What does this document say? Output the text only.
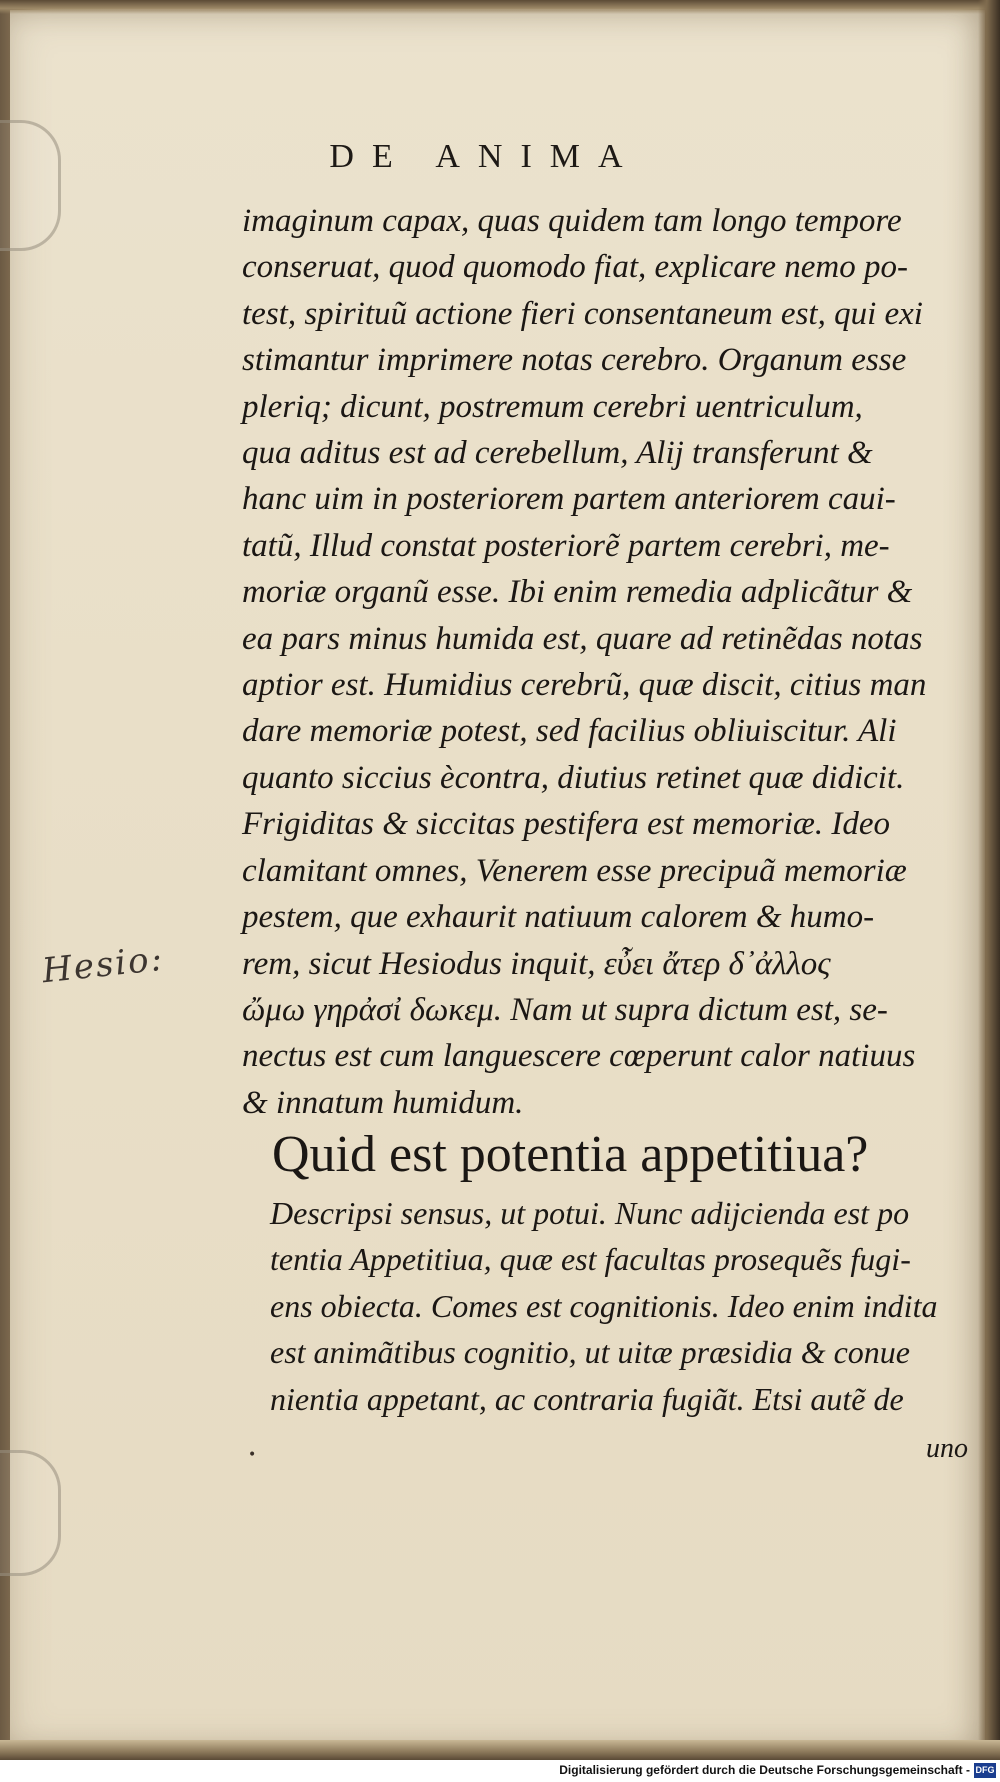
DE ANIMA
imaginum capax, quas quidem tam longo tempore
conseruat, quod quomodo fiat, explicare nemo po-
test, spirituũ actione fieri consentaneum est, qui exi
stimantur imprimere notas cerebro. Organum esse
pleriq; dicunt, postremum cerebri uentriculum,
qua aditus est ad cerebellum, Alij transferunt &
hanc uim in posteriorem partem anteriorem caui-
tatũ, Illud constat posteriorẽ partem cerebri, me-
moriæ organũ esse. Ibi enim remedia adplicãtur &
ea pars minus humida est, quare ad retinẽdas notas
aptior est. Humidius cerebrũ, quæ discit, citius man
dare memoriæ potest, sed facilius obliuiscitur. Ali
quanto siccius ècontra, diutius retinet quæ didicit.
Frigiditas & siccitas pestifera est memoriæ. Ideo
clamitant omnes, Venerem esse precipuã memoriæ
pestem, que exhaurit natiuum calorem & humo-
rem, sicut Hesiodus inquit, εὖει ἄτερ δ᾽ἀλλος
ὤμω γηρἀσἰ δωκεμ. Nam ut supra dictum est, se-
nectus est cum languescere cœperunt calor natiuus
& innatum humidum.
Quid est potentia appetitiua?
Descripsi sensus, ut potui. Nunc adijcienda est po
tentia Appetitiua, quæ est facultas prosequẽs fugi-
ens obiecta. Comes est cognitionis. Ideo enim indita
est animãtibus cognitio, ut uitæ præsidia & conue
nientia appetant, ac contraria fugiãt. Etsi autẽ de
•	uno
Hesio:
Digitalisierung gefördert durch die Deutsche Forschungsgemeinschaft - DFG
